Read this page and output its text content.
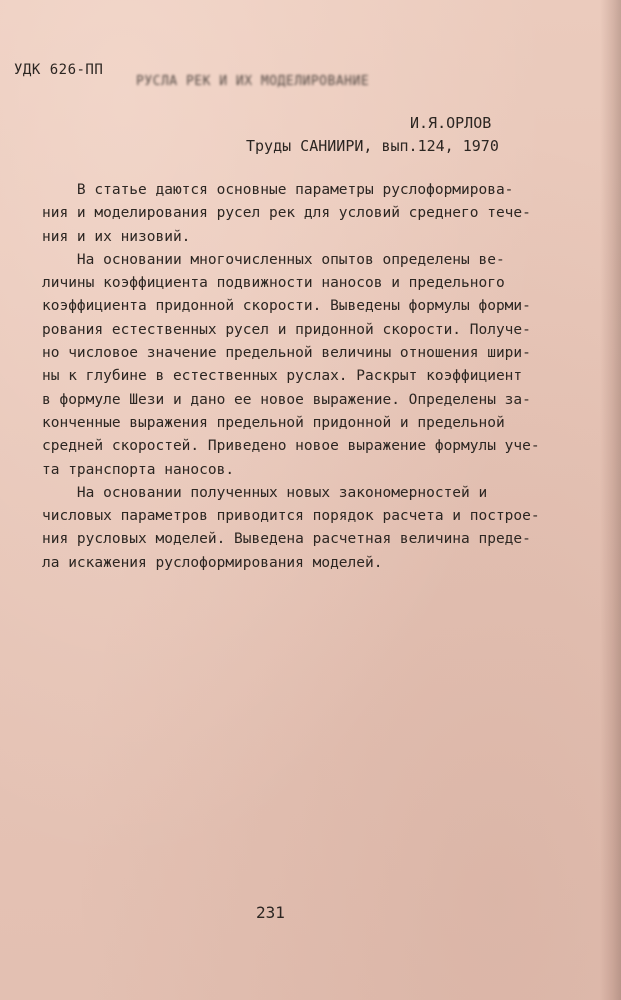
УДК 626-ПП
РУСЛА РЕК И ИХ МОДЕЛИРОВАНИЕ
И.Я.ОРЛОВ
Труды САНИИРИ, вып.124, 1970
В статье даются основные параметры руслоформирова-
ния и моделирования русел рек для условий среднего тече-
ния и их низовий.
На основании многочисленных опытов определены ве-
личины коэффициента подвижности наносов и предельного
коэффициента придонной скорости. Выведены формулы форми-
рования естественных русел и придонной скорости. Получе-
но числовое значение предельной величины отношения шири-
ны к глубине в естественных руслах. Раскрыт коэффициент
в формуле Шези и дано ее новое выражение. Определены за-
конченные выражения предельной придонной и предельной
средней скоростей. Приведено новое выражение формулы уче-
та транспорта наносов.
На основании полученных новых закономерностей и
числовых параметров приводится порядок расчета и построе-
ния русловых моделей. Выведена расчетная величина преде-
ла искажения руслоформирования моделей.
231
